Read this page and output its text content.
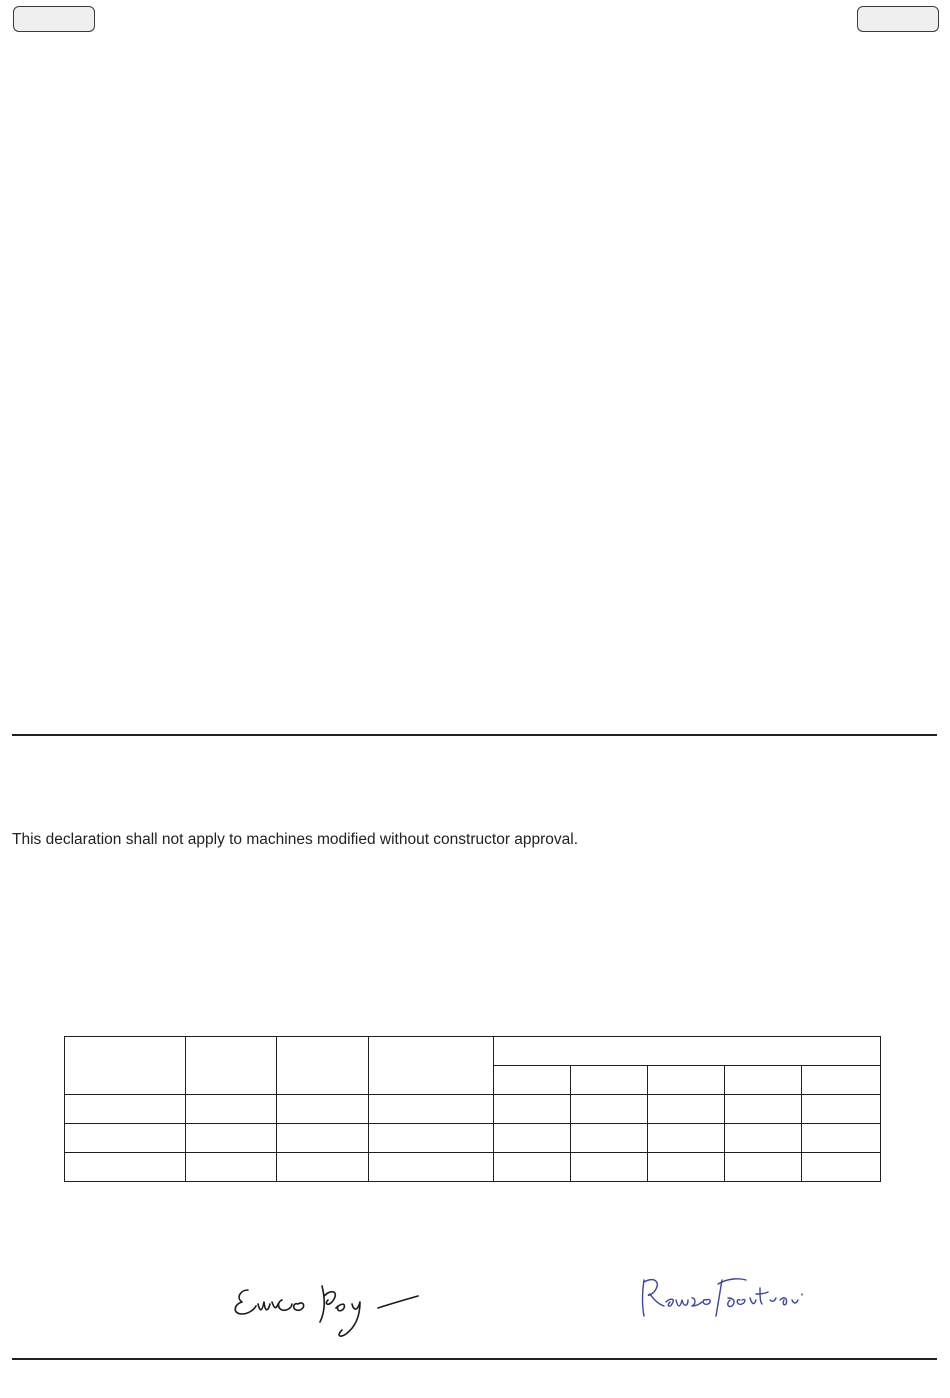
This declaration shall not apply to machines modified without constructor approval.
